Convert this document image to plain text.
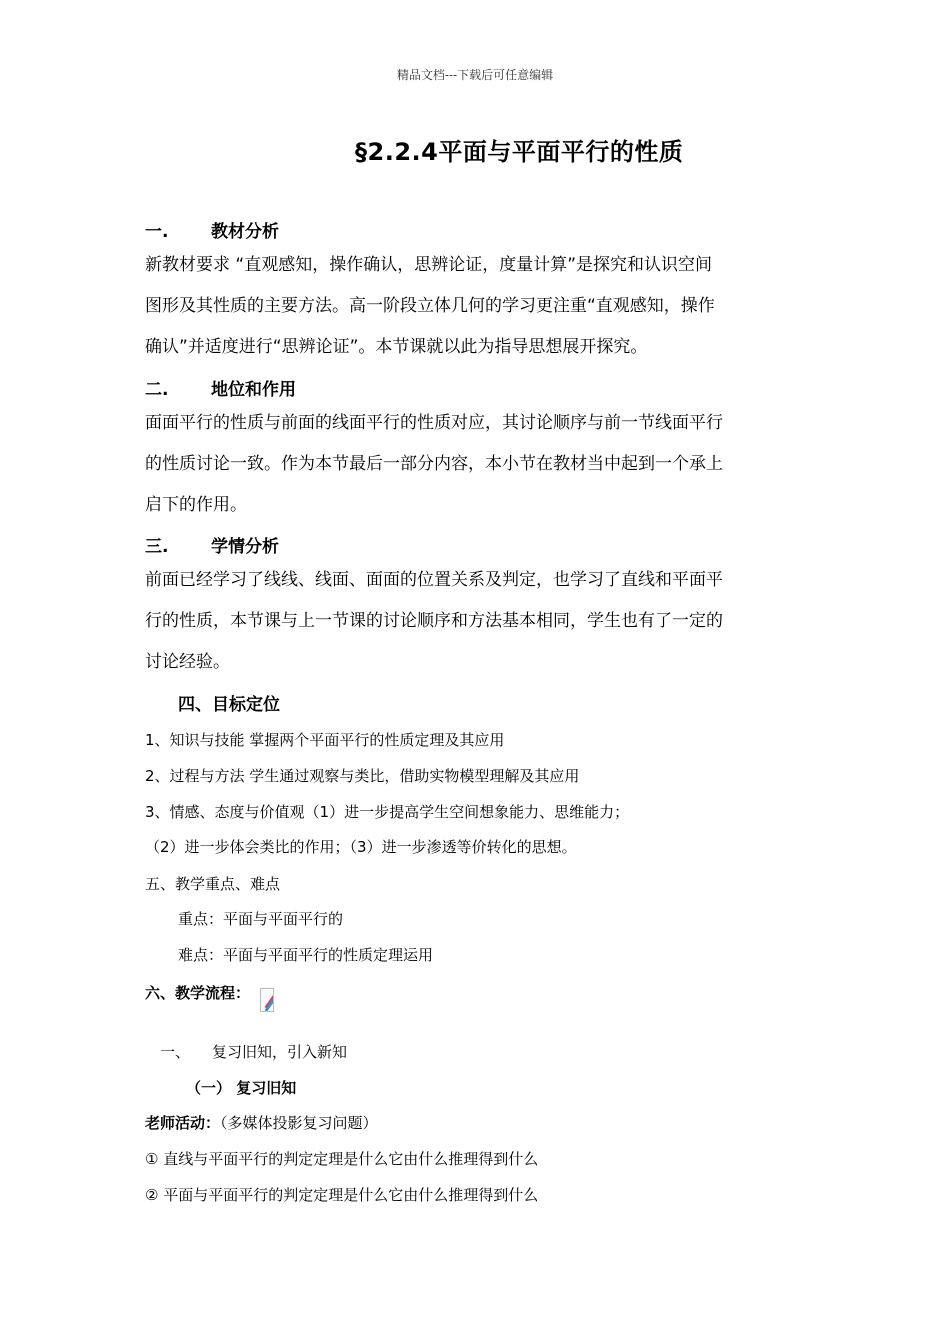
精品文档---下载后可任意编辑
§2.2.4平面与平面平行的性质
一.	教材分析
新教材要求 “直观感知，操作确认，思辨论证，度量计算”是探究和认识空间
图形及其性质的主要方法。高一阶段立体几何的学习更注重“直观感知，操作
确认”并适度进行“思辨论证”。本节课就以此为指导思想展开探究。
二.	地位和作用
面面平行的性质与前面的线面平行的性质对应，其讨论顺序与前一节线面平行
的性质讨论一致。作为本节最后一部分内容，本小节在教材当中起到一个承上
启下的作用。
三.	学情分析
前面已经学习了线线、线面、面面的位置关系及判定，也学习了直线和平面平
行的性质，本节课与上一节课的讨论顺序和方法基本相同，学生也有了一定的
讨论经验。
四、目标定位
1、知识与技能 掌握两个平面平行的性质定理及其应用
2、过程与方法 学生通过观察与类比，借助实物模型理解及其应用
3、情感、态度与价值观（1）进一步提高学生空间想象能力、思维能力；
（2）进一步体会类比的作用；（3）进一步渗透等价转化的思想。
五、教学重点、难点
重点：平面与平面平行的
难点：平面与平面平行的性质定理运用
六、教学流程：
一、 复习旧知，引入新知
（一） 复习旧知
老师活动：（多媒体投影复习问题）
① 直线与平面平行的判定定理是什么它由什么推理得到什么
② 平面与平面平行的判定定理是什么它由什么推理得到什么
